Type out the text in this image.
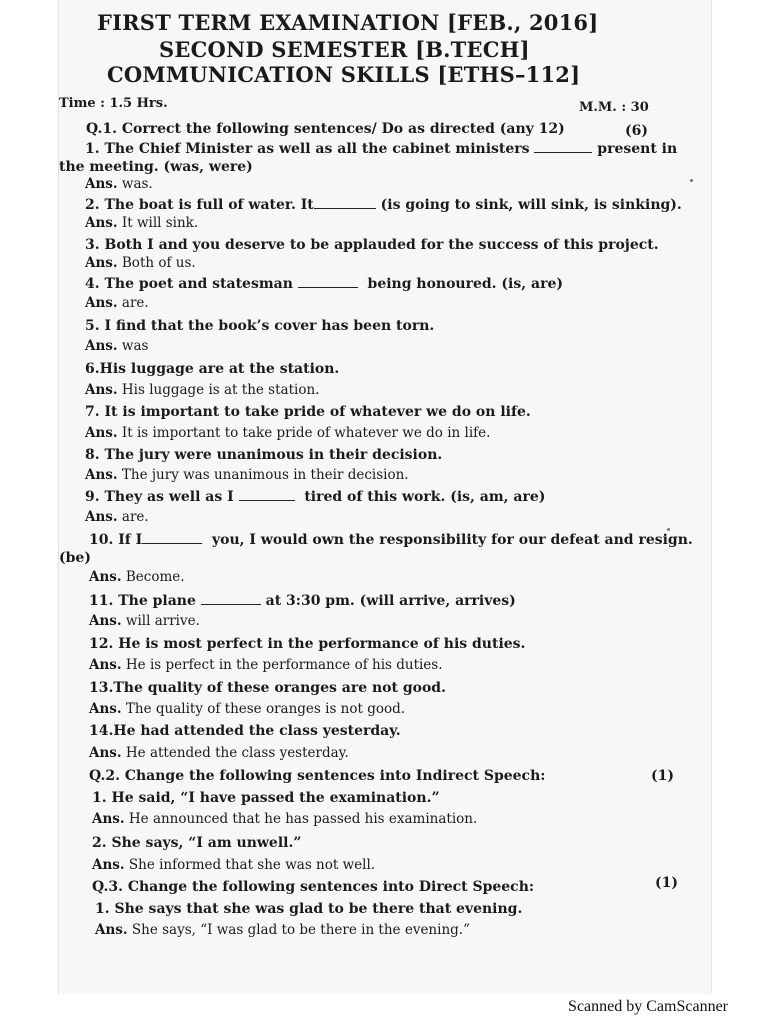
FIRST TERM EXAMINATION [FEB., 2016]
SECOND SEMESTER [B.TECH]
COMMUNICATION SKILLS [ETHS–112]
Time : 1.5 Hrs.	M.M. : 30
Q.1. Correct the following sentences/ Do as directed (any 12)	(6)
1. The Chief Minister as well as all the cabinet ministers	present in
the meeting. (was, were)
Ans. was.
2. The boat is full of water. It	(is going to sink, will sink, is sinking).
Ans. It will sink.
3. Both I and you deserve to be applauded for the success of this project.
Ans. Both of us.
4. The poet and statesman	being honoured. (is, are)
Ans. are.
5. I find that the book’s cover has been torn.
Ans. was
6.His luggage are at the station.
Ans. His luggage is at the station.
7. It is important to take pride of whatever we do on life.
Ans. It is important to take pride of whatever we do in life.
8. The jury were unanimous in their decision.
Ans. The jury was unanimous in their decision.
9. They as well as I	tired of this work. (is, am, are)
Ans. are.
10. If I	you, I would own the responsibility for our defeat and resign.
(be)
Ans. Become.
11. The plane	at 3:30 pm. (will arrive, arrives)
Ans. will arrive.
12. He is most perfect in the performance of his duties.
Ans. He is perfect in the performance of his duties.
13.The quality of these oranges are not good.
Ans. The quality of these oranges is not good.
14.He had attended the class yesterday.
Ans. He attended the class yesterday.
Q.2. Change the following sentences into Indirect Speech:	(1)
1. He said, “I have passed the examination.”
Ans. He announced that he has passed his examination.
2. She says, “I am unwell.”
Ans. She informed that she was not well.
Q.3. Change the following sentences into Direct Speech:	(1)
1. She says that she was glad to be there that evening.
Ans. She says, “I was glad to be there in the evening.”
Scanned by CamScanner
